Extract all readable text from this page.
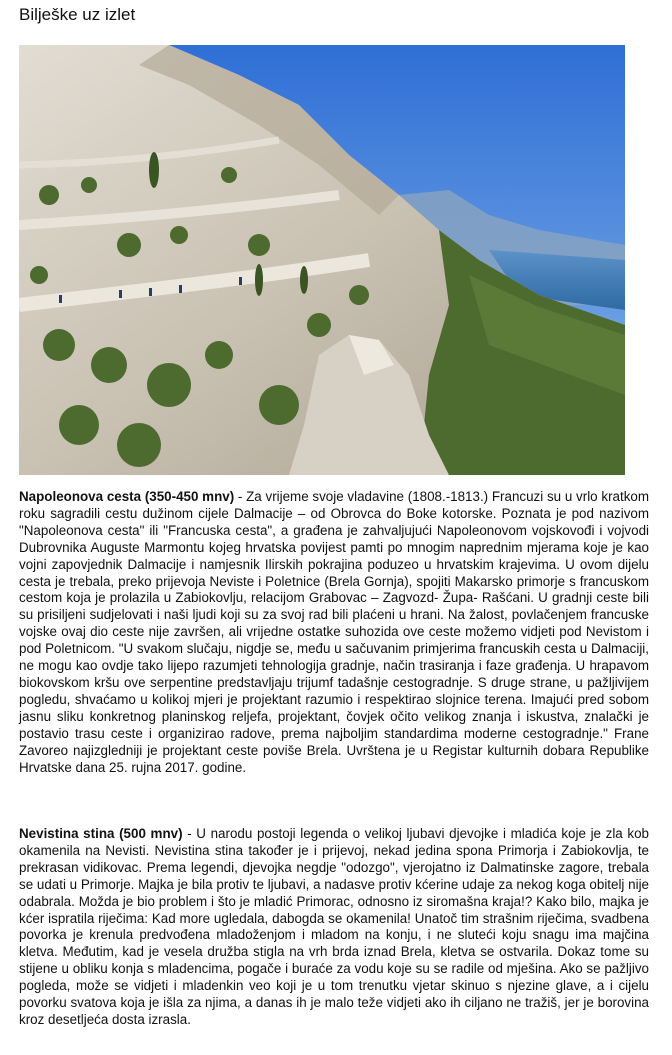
Bilješke uz izlet

Napoleonova cesta (350-450 mnv) - Za vrijeme svoje vladavine (1808.-1813.) Francuzi su u vrlo kratkom roku sagradili cestu dužinom cijele Dalmacije – od Obrovca do Boke kotorske. Poznata je pod nazivom "Napoleonova cesta" ili "Francuska cesta", a građena je zahvaljujući Napoleonovom vojskovođi i vojvodi Dubrovnika Auguste Marmontu kojeg hrvatska povijest pamti po mnogim naprednim mjerama koje je kao vojni zapovjednik Dalmacije i namjesnik Ilirskih pokrajina poduzeo u hrvatskim krajevima. U ovom dijelu cesta je trebala, preko prijevoja Neviste i Poletnice (Brela Gornja), spojiti Makarsko primorje s francuskom cestom koja je prolazila u Zabiokovlju, relacijom Grabovac – Zagvozd- Župa- Rašćani. U gradnji ceste bili su prisiljeni sudjelovati i naši ljudi koji su za svoj rad bili plaćeni u hrani. Na žalost, povlačenjem francuske vojske ovaj dio ceste nije završen, ali vrijedne ostatke suhozida ove ceste možemo vidjeti pod Nevistom i pod Poletnicom. "U svakom slučaju, nigdje se, među u sačuvanim primjerima francuskih cesta u Dalmaciji, ne mogu kao ovdje tako lijepo razumjeti tehnologija gradnje, način trasiranja i faze građenja. U hrapavom biokovskom kršu ove serpentine predstavljaju trijumf tadašnje cestogradnje. S druge strane, u pažljivijem pogledu, shvaćamo u kolikoj mjeri je projektant razumio i respektirao slojnice terena. Imajući pred sobom jasnu sliku konkretnog planinskog reljefa, projektant, čovjek očito velikog znanja i iskustva, znalački je postavio trasu ceste i organizirao radove, prema najboljim standardima moderne cestogradnje." Frane Zavoreo najizgledniji je projektant ceste poviše Brela. Uvrštena je u Registar kulturnih dobara Republike Hrvatske dana 25. rujna 2017. godine.

Nevistina stina (500 mnv) - U narodu postoji legenda o velikoj ljubavi djevojke i mladića koje je zla kob okamenila na Nevisti. Nevistina stina također je i prijevoj, nekad jedina spona Primorja i Zabiokovlja, te prekrasan vidikovac. Prema legendi, djevojka negdje "odozgo", vjerojatno iz Dalmatinske zagore, trebala se udati u Primorje. Majka je bila protiv te ljubavi, a nadasve protiv kćerine udaje za nekog koga obitelj nije odabrala. Možda je bio problem i što je mladić Primorac, odnosno iz siromašna kraja!? Kako bilo, majka je kćer ispratila riječima: Kad more ugledala, dabogda se okamenila! Unatoč tim strašnim riječima, svadbena povorka je krenula predvođena mladoženjom i mladom na konju, i ne sluteći koju snagu ima majčina kletva. Međutim, kad je vesela družba stigla na vrh brda iznad Brela, kletva se ostvarila. Dokaz tome su stijene u obliku konja s mladencima, pogače i buraće za vodu koje su se radile od mješina. Ako se pažljivo pogleda, može se vidjeti i mladenkin veo koji je u tom trenutku vjetar skinuo s njezine glave, a i cijelu povorku svatova koja je išla za njima, a danas ih je malo teže vidjeti ako ih ciljano ne tražiš, jer je borovina kroz desetljeća dosta izrasla.
